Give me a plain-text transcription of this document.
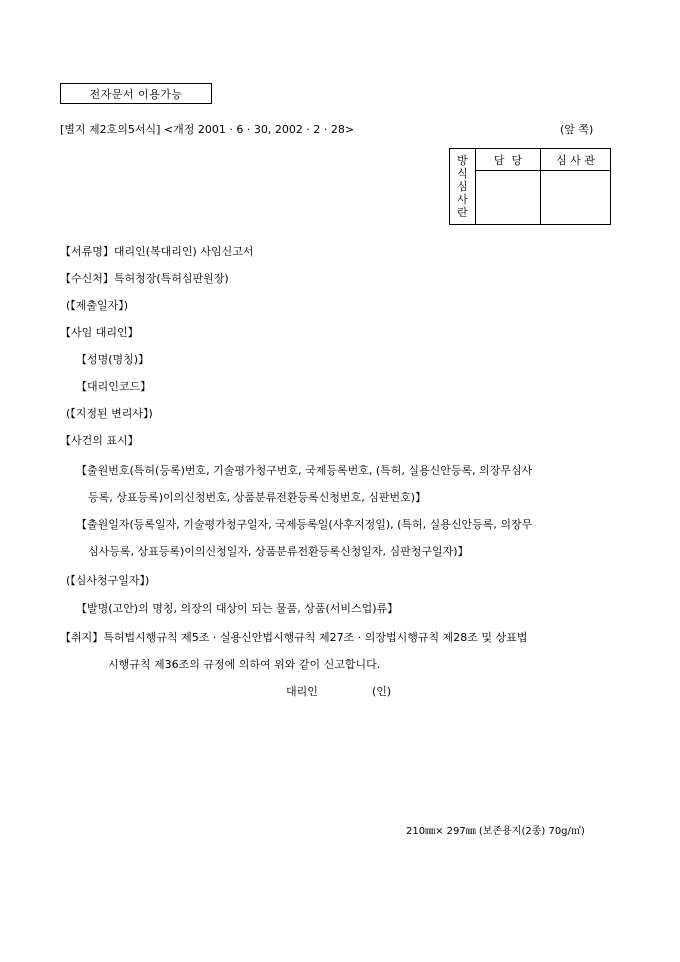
전자문서 이용가능
[별지 제2호의5서식] <개정 2001 · 6 · 30, 2002 · 2 · 28>	(앞 쪽)
방
식
심
사
란	담  당	심 사 관

【서류명】대리인(복대리인) 사임신고서
【수신처】특허청장(특허심판원장)
(【제출일자】)
【사임 대리인】
【성명(명칭)】
【대리인코드】
(【지정된 변리사】)
【사건의 표시】
【출원번호(특허(등록)번호, 기술평가청구번호, 국제등록번호, (특허, 실용신안등록, 의장무심사
등록, 상표등록)이의신청번호, 상품분류전환등록신청번호, 심판번호)】
【출원일자(등록일자, 기술평가청구일자, 국제등록일(사후지정일), (특허, 실용신안등록, 의장무
심사등록, 상표등록)이의신청일자, 상품분류전환등록신청일자, 심판청구일자)】
(【심사청구일자】)
【발명(고안)의 명칭, 의장의 대상이 되는 물품, 상품(서비스업)류】
【취지】특허법시행규칙 제5조 · 실용신안법시행규칙 제27조 · 의장법시행규칙 제28조 및 상표법
시행규칙 제36조의 규정에 의하여 위와 같이 신고합니다.
대리인	(인)
210㎜× 297㎜ (보존용지(2종) 70g/㎡)
